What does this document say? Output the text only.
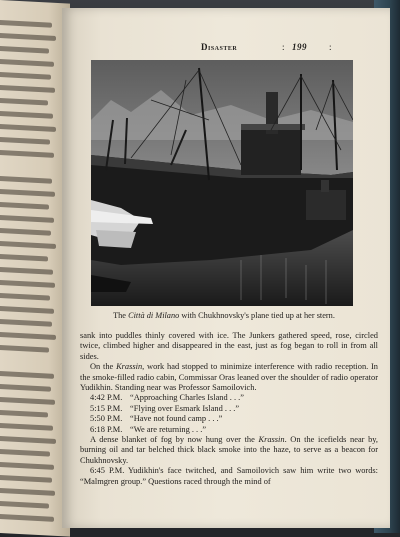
Disaster	: 199 :
The Città di Milano with Chukhnovsky's plane tied up at her stern.

sank into puddles thinly covered with ice. The Junkers gathered speed, rose, circled twice, climbed higher and disappeared in the east, just as fog began to roll in from all sides.

On the Krassin, work had stopped to minimize interference with radio reception. In the smoke-filled radio cabin, Commissar Oras leaned over the shoulder of radio operator Yudikhin. Standing near was Professor Samoilovich.

4:42 P.M. “Approaching Charles Island . . .”
5:15 P.M. “Flying over Esmark Island . . .”
5:50 P.M. “Have not found camp . . .”
6:18 P.M. “We are returning . . .”

A dense blanket of fog by now hung over the Krassin. On the icefields near by, burning oil and tar belched thick black smoke into the haze, to serve as a beacon for Chukhnovsky.

6:45 P.M. Yudikhin's face twitched, and Samoilovich saw him write two words: “Malmgren group.” Questions raced through the mind of
